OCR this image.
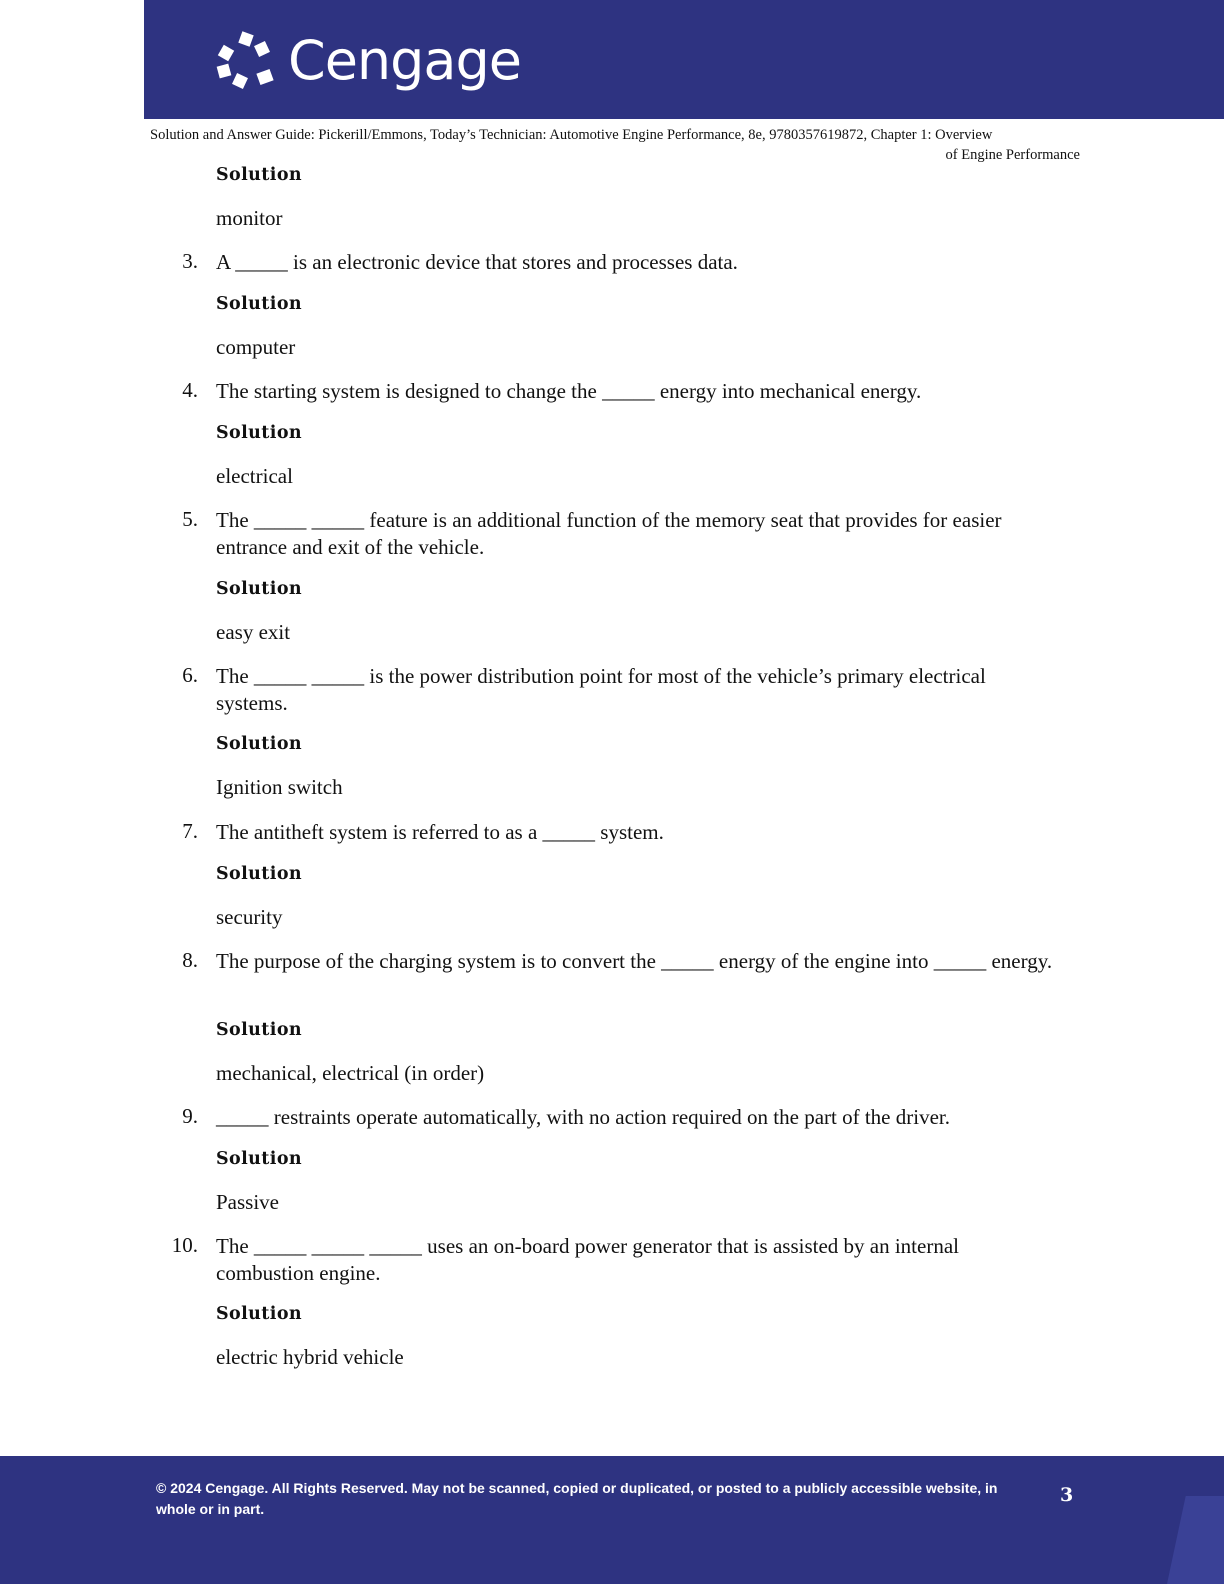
Cengage
Solution and Answer Guide: Pickerill/Emmons, Today’s Technician: Automotive Engine Performance, 8e, 9780357619872, Chapter 1: Overview
of Engine Performance
Solution
monitor
3. A _____ is an electronic device that stores and processes data.
Solution
computer
4. The starting system is designed to change the _____ energy into mechanical energy.
Solution
electrical
5. The _____ _____ feature is an additional function of the memory seat that provides for easier entrance and exit of the vehicle.
Solution
easy exit
6. The _____ _____ is the power distribution point for most of the vehicle’s primary electrical systems.
Solution
Ignition switch
7. The antitheft system is referred to as a _____ system.
Solution
security
8. The purpose of the charging system is to convert the _____ energy of the engine into _____ energy.
Solution
mechanical, electrical (in order)
9. _____ restraints operate automatically, with no action required on the part of the driver.
Solution
Passive
10. The _____ _____ _____ uses an on-board power generator that is assisted by an internal combustion engine.
Solution
electric hybrid vehicle
© 2024 Cengage. All Rights Reserved. May not be scanned, copied or duplicated, or posted to a publicly accessible website, in whole or in part.
3
